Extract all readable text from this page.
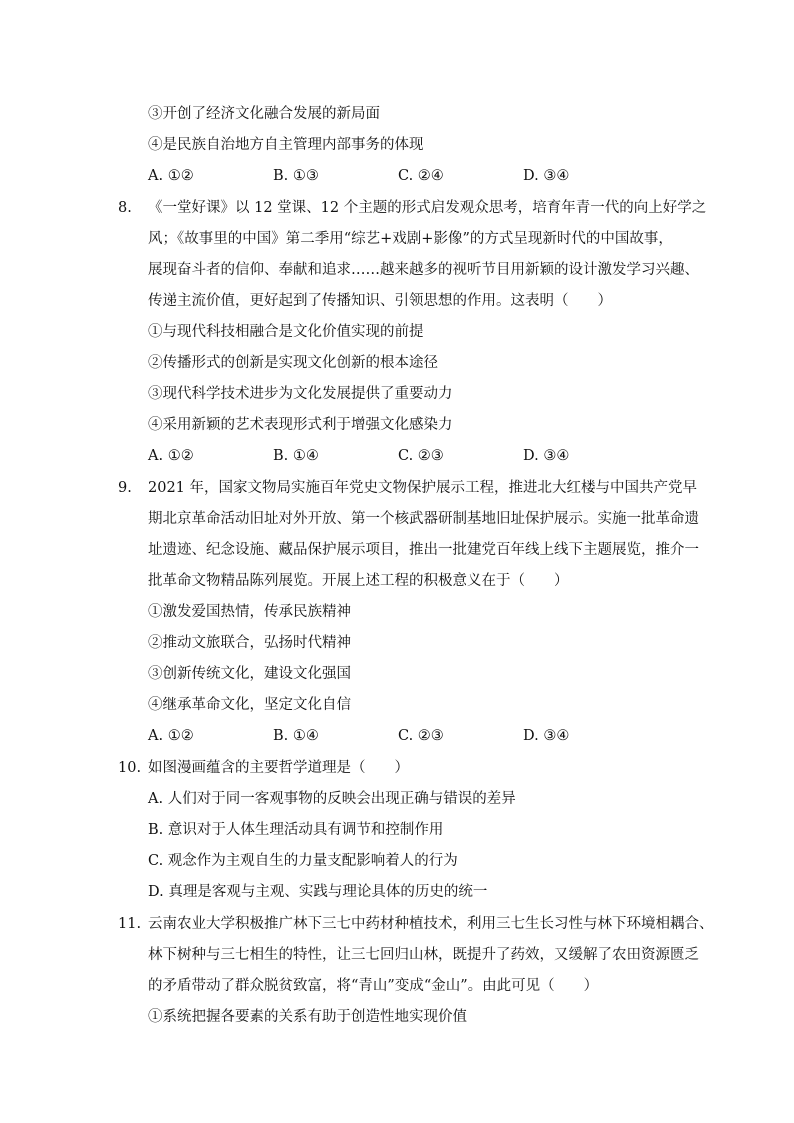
③开创了经济文化融合发展的新局面
④是民族自治地方自主管理内部事务的体现
A. ①②	B. ①③	C. ②④	D. ③④
8. 《一堂好课》以 12 堂课、12 个主题的形式启发观众思考，培育年青一代的向上好学之
风；《故事里的中国》第二季用“综艺+戏剧+影像”的方式呈现新时代的中国故事，
展现奋斗者的信仰、奉献和追求……越来越多的视听节目用新颖的设计激发学习兴趣、
传递主流价值，更好起到了传播知识、引领思想的作用。这表明（　　）
①与现代科技相融合是文化价值实现的前提
②传播形式的创新是实现文化创新的根本途径
③现代科学技术进步为文化发展提供了重要动力
④采用新颖的艺术表现形式利于增强文化感染力
A. ①②	B. ①④	C. ②③	D. ③④
9. 2021 年，国家文物局实施百年党史文物保护展示工程，推进北大红楼与中国共产党早
期北京革命活动旧址对外开放、第一个核武器研制基地旧址保护展示。实施一批革命遗
址遗迹、纪念设施、藏品保护展示项目，推出一批建党百年线上线下主题展览，推介一
批革命文物精品陈列展览。开展上述工程的积极意义在于（　　）
①激发爱国热情，传承民族精神
②推动文旅联合，弘扬时代精神
③创新传统文化，建设文化强国
④继承革命文化，坚定文化自信
A. ①②	B. ①④	C. ②③	D. ③④
10. 如图漫画蕴含的主要哲学道理是（　　）
A. 人们对于同一客观事物的反映会出现正确与错误的差异
B. 意识对于人体生理活动具有调节和控制作用
C. 观念作为主观自生的力量支配影响着人的行为
D. 真理是客观与主观、实践与理论具体的历史的统一
11. 云南农业大学积极推广林下三七中药材种植技术，利用三七生长习性与林下环境相耦合、
林下树种与三七相生的特性，让三七回归山林，既提升了药效，又缓解了农田资源匮乏
的矛盾带动了群众脱贫致富，将“青山”变成“金山”。由此可见（　　）
①系统把握各要素的关系有助于创造性地实现价值
